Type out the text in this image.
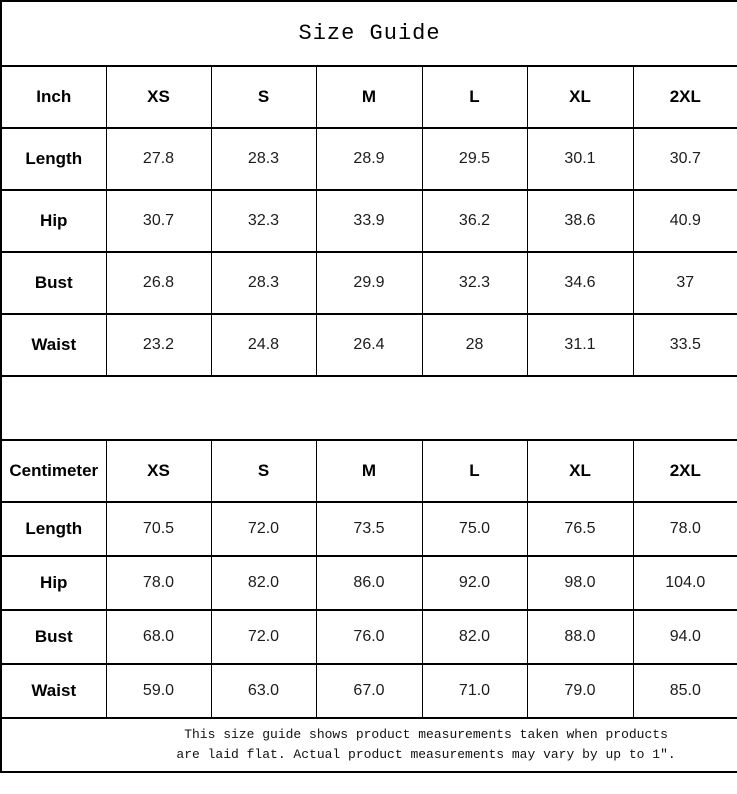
Size Guide						
Inch	XS	S	M	L	XL	2XL
Length	27.8	28.3	28.9	29.5	30.1	30.7
Hip	30.7	32.3	33.9	36.2	38.6	40.9
Bust	26.8	28.3	29.9	32.3	34.6	37
Waist	23.2	24.8	26.4	28	31.1	33.5

Centimeter	XS	S	M	L	XL	2XL
Length	70.5	72.0	73.5	75.0	76.5	78.0
Hip	78.0	82.0	86.0	92.0	98.0	104.0
Bust	68.0	72.0	76.0	82.0	88.0	94.0
Waist	59.0	63.0	67.0	71.0	79.0	85.0

This size guide shows product measurements taken when products
are laid flat. Actual product measurements may vary by up to 1″.						
